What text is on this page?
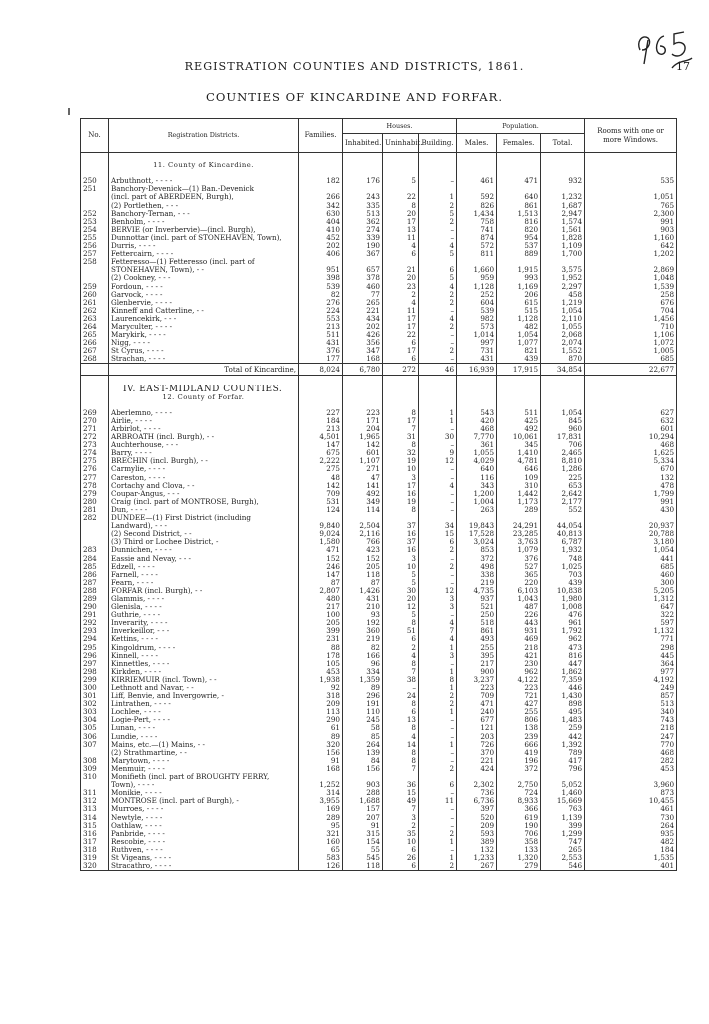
17
REGISTRATION COUNTIES AND DISTRICTS, 1861.
COUNTIES OF KINCARDINE AND FORFAR.
No.	Registration Districts.	Families.	Houses.			Population.			Rooms with one or more Windows.
			Inhabited.	Uninhabit.	Building.	Males.	Females.	Total.	

	11. County of Kincardine.								

250	Arbuthnott, - - - -	182	176	5	–	461	471	932	535
251	Banchory-Devenick—(1) Ban.-Devenick								
	(incl. part of ABERDEEN, Burgh),	266	243	22	1	592	640	1,232	1,051
	(2) Portlethen, - - -	342	335	8	2	826	861	1,687	765
252	Banchory-Ternan, - - -	630	513	20	5	1,434	1,513	2,947	2,300
253	Benholm, - - - -	404	362	17	2	758	816	1,574	991
254	BERVIE (or Inverbervie)—(incl. Burgh),	410	274	13	–	741	820	1,561	903
255	Dunnottar (incl. part of STONEHAVEN, Town),	452	339	11	–	874	954	1,828	1,160
256	Durris, - - - -	202	190	4	4	572	537	1,109	642
257	Fettercairn, - - - -	406	367	6	5	811	889	1,700	1,202
258	Fetteresso—(1) Fetteresso (incl. part of								
	STONEHAVEN, Town), - -	951	657	21	6	1,660	1,915	3,575	2,869
	(2) Cookney, - - -	398	378	20	5	959	993	1,952	1,048
259	Fordoun, - - - -	539	460	23	4	1,128	1,169	2,297	1,539
260	Garvock, - - - -	82	77	2	2	252	206	458	258
261	Glenbervie, - - - -	276	265	4	2	604	615	1,219	676
262	Kinneff and Catterline, - -	224	221	11	–	539	515	1,054	704
263	Laurencekirk, - - -	553	434	17	4	982	1,128	2,110	1,456
264	Maryculter, - - - -	213	202	17	2	573	482	1,055	710
265	Marykirk, - - - -	511	426	22	–	1,014	1,054	2,068	1,106
266	Nigg, - - - -	431	356	6	–	997	1,077	2,074	1,072
267	St Cyrus, - - - -	376	347	17	2	731	821	1,552	1,005
268	Strachan, - - - -	177	168	6	–	431	439	870	685
	Total of Kincardine,	8,024	6,780	272	46	16,939	17,915	34,854	22,677

	IV. EAST-MIDLAND COUNTIES.								
	12. County of Forfar.								

269	Aberlemno, - - - -	227	223	8	1	543	511	1,054	627
270	Airlie, - - - -	184	171	17	1	420	425	845	632
271	Arbirlot, - - - -	213	204	7	–	468	492	960	601
272	ARBROATH (incl. Burgh), - -	4,501	1,965	31	30	7,770	10,061	17,831	10,294
273	Auchterhouse, - - -	147	142	8	–	361	345	706	468
274	Barry, - - - -	675	601	32	9	1,055	1,410	2,465	1,625
275	BRECHIN (incl. Burgh), - -	2,222	1,107	19	12	4,029	4,781	8,810	5,334
276	Carmylie, - - - -	275	271	10	–	640	646	1,286	670
277	Careston, - - - -	48	47	3	–	116	109	225	132
278	Cortachy and Clova, - -	142	141	17	4	343	310	653	478
279	Coupar-Angus, - - -	709	492	16	–	1,200	1,442	2,642	1,799
280	Craig (incl. part of MONTROSE, Burgh),	531	349	19	–	1,004	1,173	2,177	991
281	Dun, - - - -	124	114	8	–	263	289	552	430
282	DUNDEE—(1) First District (including								
	Landward), - - -	9,840	2,504	37	34	19,843	24,291	44,054	20,937
	(2) Second District, - -	9,024	2,116	16	15	17,528	23,285	40,813	20,788
	(3) Third or Lochee District, -	1,580	766	37	6	3,024	3,763	6,787	3,180
283	Dunnichen, - - - -	471	423	16	2	853	1,079	1,932	1,054
284	Eassie and Nevay, - - -	152	152	3	–	372	376	748	441
285	Edzell, - - - -	246	205	10	2	498	527	1,025	685
286	Farnell, - - - -	147	118	5	–	338	365	703	460
287	Fearn, - - - -	87	87	5	–	219	220	439	300
288	FORFAR (incl. Burgh), - -	2,807	1,426	30	12	4,735	6,103	10,838	5,205
289	Glammis, - - - -	480	431	20	3	937	1,043	1,980	1,312
290	Glenisla, - - - -	217	210	12	3	521	487	1,008	647
291	Guthrie, - - - -	100	93	5	–	250	226	476	322
292	Inverarity, - - - -	205	192	8	4	518	443	961	597
293	Inverkeillor, - - -	399	360	51	7	861	931	1,792	1,132
294	Kettins, - - - -	231	219	6	4	493	469	962	771
295	Kingoldrum, - - - -	88	82	2	1	255	218	473	298
296	Kinnell, - - - -	178	166	4	3	395	421	816	445
297	Kinnettles, - - - -	105	96	8	–	217	230	447	364
298	Kirkden, - - - -	453	334	7	1	900	962	1,862	977
299	KIRRIEMUIR (incl. Town), - -	1,938	1,359	38	8	3,237	4,122	7,359	4,192
300	Lethnott and Navar, - -	92	89	–	1	223	223	446	249
301	Liff, Benvie, and Invergowrie, -	318	296	24	2	709	721	1,430	857
302	Lintrathen, - - - -	209	191	8	2	471	427	898	513
303	Lochlee, - - - -	113	110	6	1	240	255	495	340
304	Logie-Pert, - - - -	290	245	13	–	677	806	1,483	743
305	Lunan, - - - -	61	58	8	–	121	138	259	218
306	Lundie, - - - -	89	85	4	–	203	239	442	247
307	Mains, etc.—(1) Mains, - -	320	264	14	1	726	666	1,392	770
	(2) Strathmartine, - -	156	139	8	–	370	419	789	468
308	Marytown, - - - -	91	84	8	–	221	196	417	282
309	Menmuir, - - - -	168	156	7	2	424	372	796	453
310	Monifieth (incl. part of BROUGHTY FERRY,								
	Town), - - - -	1,252	903	36	6	2,302	2,750	5,052	3,960
311	Monikie, - - - -	314	288	15	–	736	724	1,460	873
312	MONTROSE (incl. part of Burgh), -	3,955	1,688	49	11	6,736	8,933	15,669	10,455
313	Murroes, - - - -	169	157	7	–	397	366	763	461
314	Newtyle, - - - -	289	207	3	–	520	619	1,139	730
315	Oathlaw, - - - -	95	91	2	–	209	190	399	264
316	Panbride, - - - -	321	315	35	2	593	706	1,299	935
317	Rescobie, - - - -	160	154	10	1	389	358	747	482
318	Ruthven, - - - -	65	55	6	–	132	133	265	184
319	St Vigeans, - - - -	583	545	26	1	1,233	1,320	2,553	1,535
320	Stracathro, - - - -	126	118	6	2	267	279	546	401
